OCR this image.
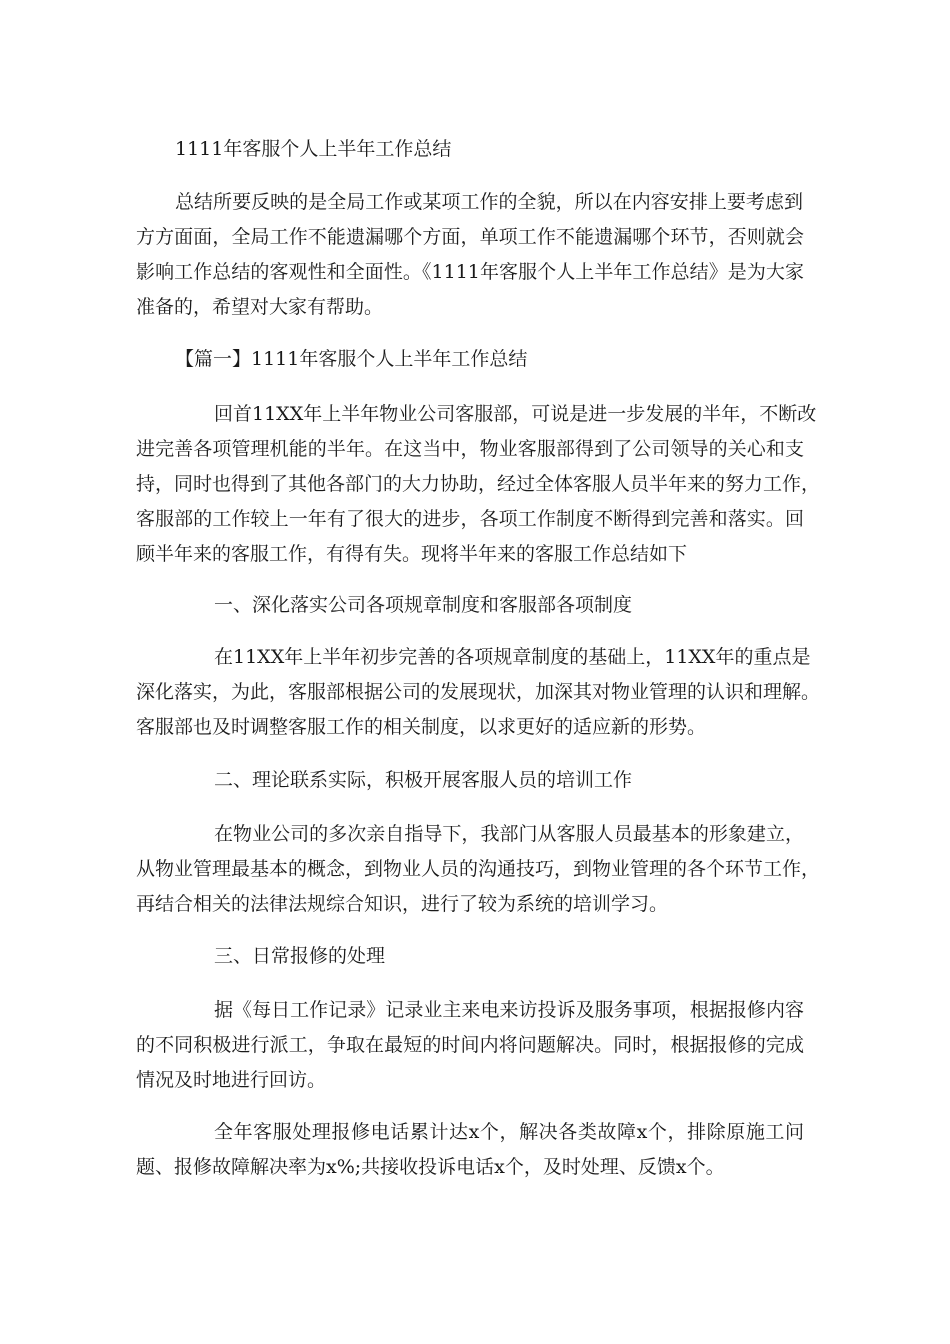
1111年客服个人上半年工作总结

总结所要反映的是全局工作或某项工作的全貌，所以在内容安排上要考虑到

方方面面，全局工作不能遗漏哪个方面，单项工作不能遗漏哪个环节，否则就会

影响工作总结的客观性和全面性。《1111年客服个人上半年工作总结》是为大家

准备的，希望对大家有帮助。

【篇一】1111年客服个人上半年工作总结

回首11XX年上半年物业公司客服部，可说是进一步发展的半年，不断改

进完善各项管理机能的半年。在这当中，物业客服部得到了公司领导的关心和支

持，同时也得到了其他各部门的大力协助，经过全体客服人员半年来的努力工作，

客服部的工作较上一年有了很大的进步，各项工作制度不断得到完善和落实。回

顾半年来的客服工作，有得有失。现将半年来的客服工作总结如下

一、深化落实公司各项规章制度和客服部各项制度

在11XX年上半年初步完善的各项规章制度的基础上，11XX年的重点是

深化落实，为此，客服部根据公司的发展现状，加深其对物业管理的认识和理解。

客服部也及时调整客服工作的相关制度，以求更好的适应新的形势。

二、理论联系实际，积极开展客服人员的培训工作

在物业公司的多次亲自指导下，我部门从客服人员最基本的形象建立，

从物业管理最基本的概念，到物业人员的沟通技巧，到物业管理的各个环节工作，

再结合相关的法律法规综合知识，进行了较为系统的培训学习。

三、日常报修的处理

据《每日工作记录》记录业主来电来访投诉及服务事项，根据报修内容

的不同积极进行派工，争取在最短的时间内将问题解决。同时，根据报修的完成

情况及时地进行回访。

全年客服处理报修电话累计达x个，解决各类故障x个，排除原施工问

题、报修故障解决率为x%;共接收投诉电话x个，及时处理、反馈x个。
